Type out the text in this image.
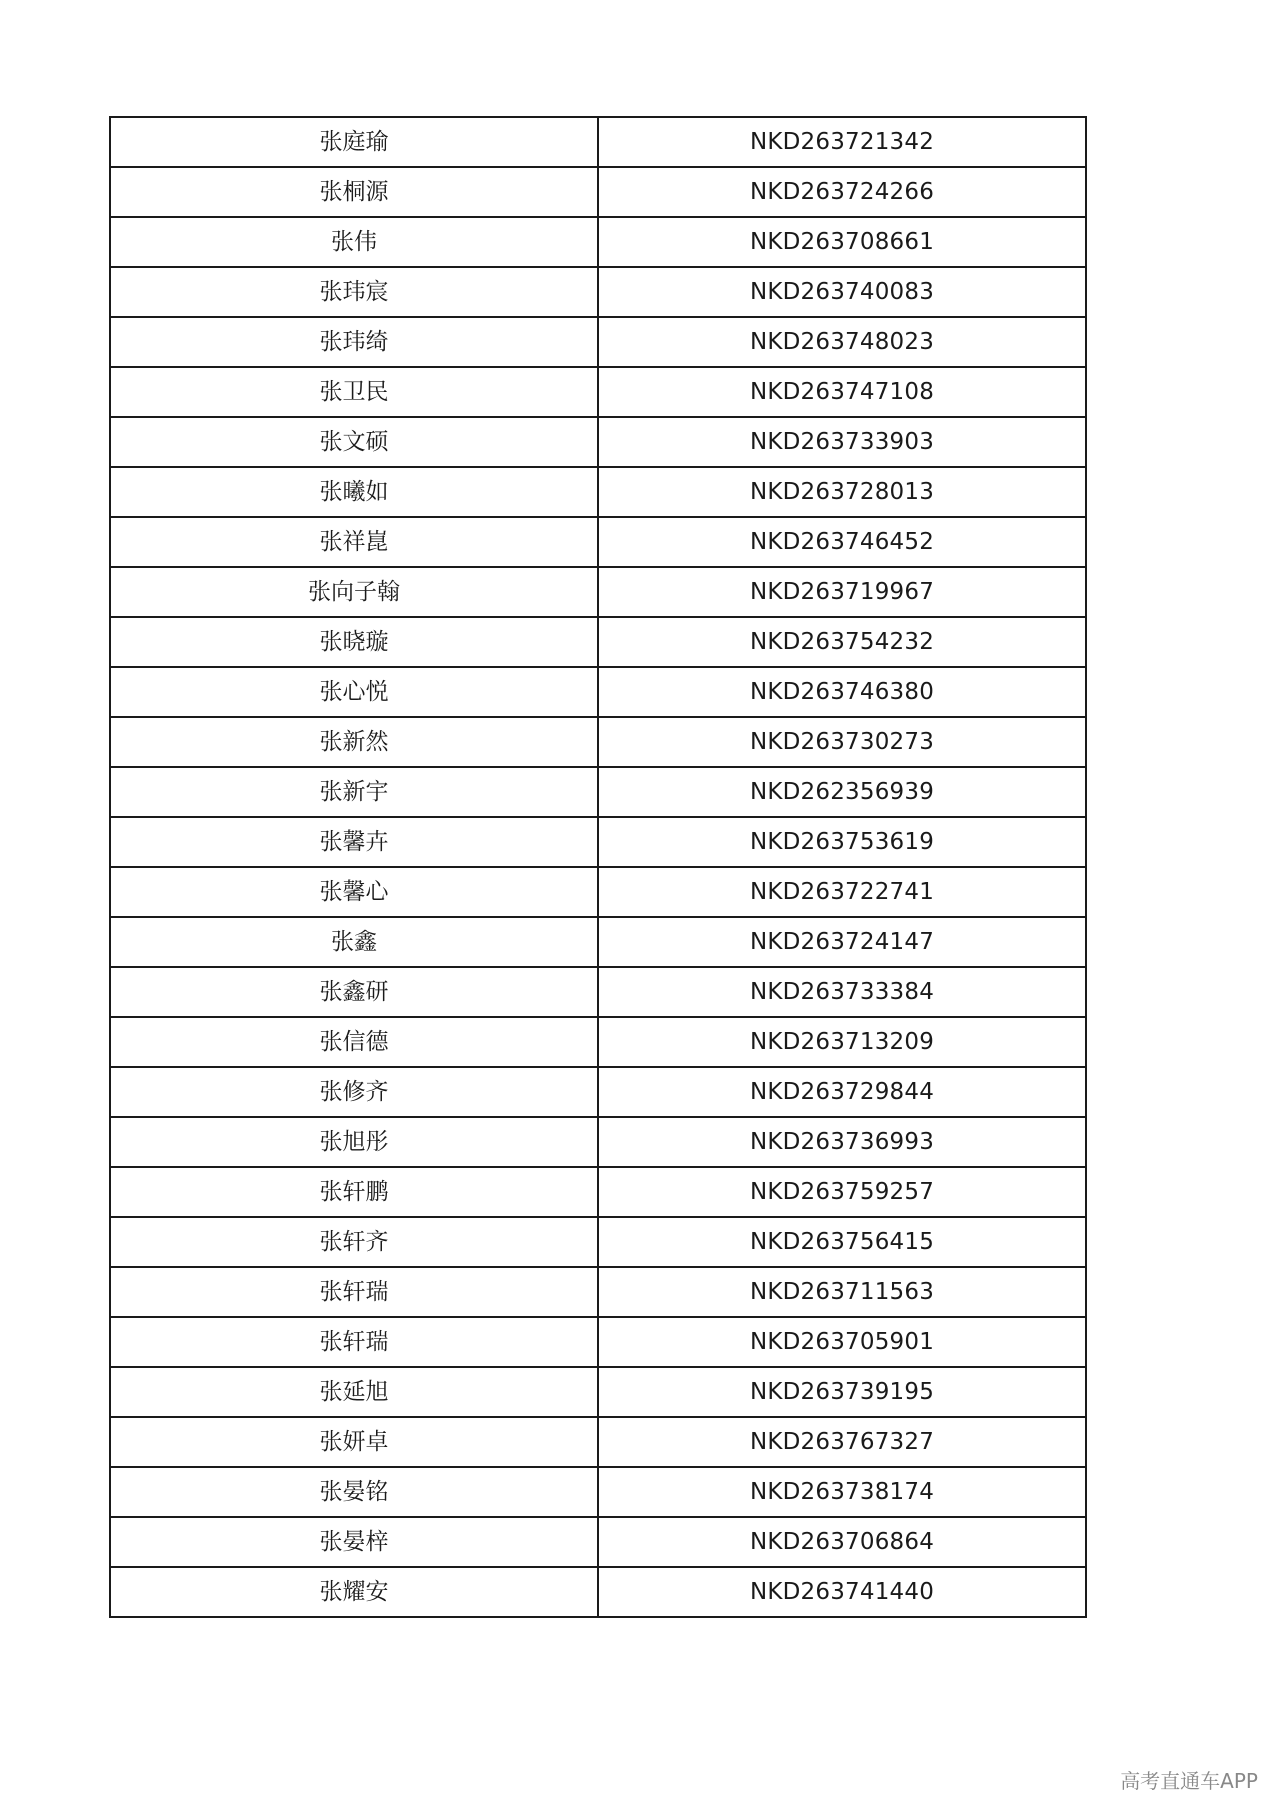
张庭瑜	NKD263721342
张桐源	NKD263724266
张伟	NKD263708661
张玮宸	NKD263740083
张玮绮	NKD263748023
张卫民	NKD263747108
张文硕	NKD263733903
张曦如	NKD263728013
张祥崑	NKD263746452
张向子翰	NKD263719967
张晓璇	NKD263754232
张心悦	NKD263746380
张新然	NKD263730273
张新宇	NKD262356939
张馨卉	NKD263753619
张馨心	NKD263722741
张鑫	NKD263724147
张鑫研	NKD263733384
张信德	NKD263713209
张修齐	NKD263729844
张旭彤	NKD263736993
张轩鹏	NKD263759257
张轩齐	NKD263756415
张轩瑞	NKD263711563
张轩瑞	NKD263705901
张延旭	NKD263739195
张妍卓	NKD263767327
张晏铭	NKD263738174
张晏梓	NKD263706864
张耀安	NKD263741440
高考直通车APP
